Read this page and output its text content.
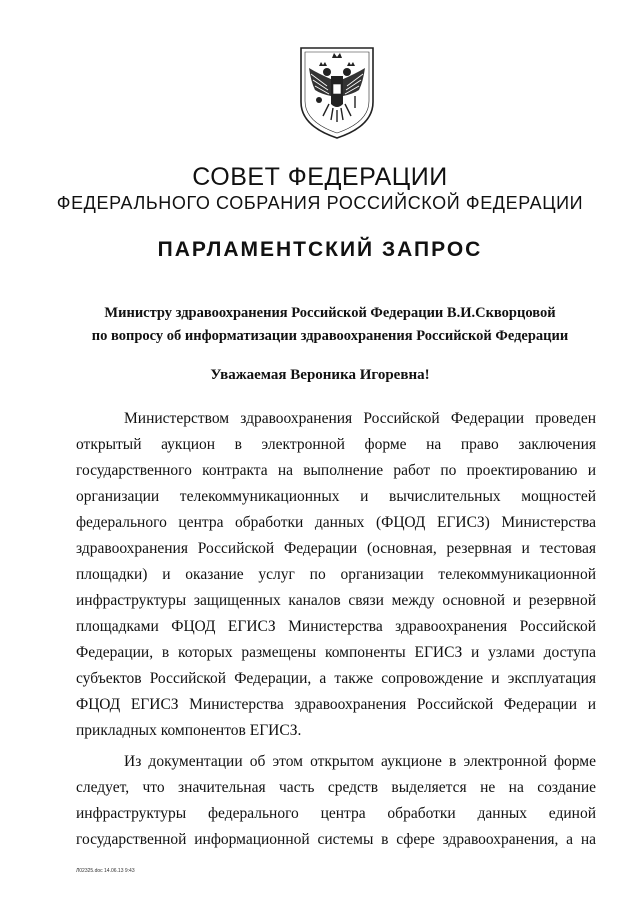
СОВЕТ ФЕДЕРАЦИИ
ФЕДЕРАЛЬНОГО СОБРАНИЯ РОССИЙСКОЙ ФЕДЕРАЦИИ
ПАРЛАМЕНТСКИЙ ЗАПРОС
Министру здравоохранения Российской Федерации В.И.Скворцовой
по вопросу об информатизации здравоохранения Российской Федерации
Уважаемая Вероника Игоревна!
Министерством здравоохранения Российской Федерации проведен
открытый аукцион в электронной форме на право заключения
государственного контракта на выполнение работ по проектированию и
организации телекоммуникационных и вычислительных мощностей
федерального центра обработки данных (ФЦОД ЕГИСЗ) Министерства
здравоохранения Российской Федерации (основная, резервная и тестовая
площадки) и оказание услуг по организации телекоммуникационной
инфраструктуры защищенных каналов связи между основной и резервной
площадками ФЦОД ЕГИСЗ Министерства здравоохранения Российской
Федерации, в которых размещены компоненты ЕГИСЗ и узлами доступа
субъектов Российской Федерации, а также сопровождение и эксплуатация
ФЦОД ЕГИСЗ Министерства здравоохранения Российской Федерации и
прикладных компонентов ЕГИСЗ.
Из документации об этом открытом аукционе в электронной форме
следует, что значительная часть средств выделяется не на создание
инфраструктуры федерального центра обработки данных единой
государственной информационной системы в сфере здравоохранения, а на
Л02325.doc 14.06.13 9:43
